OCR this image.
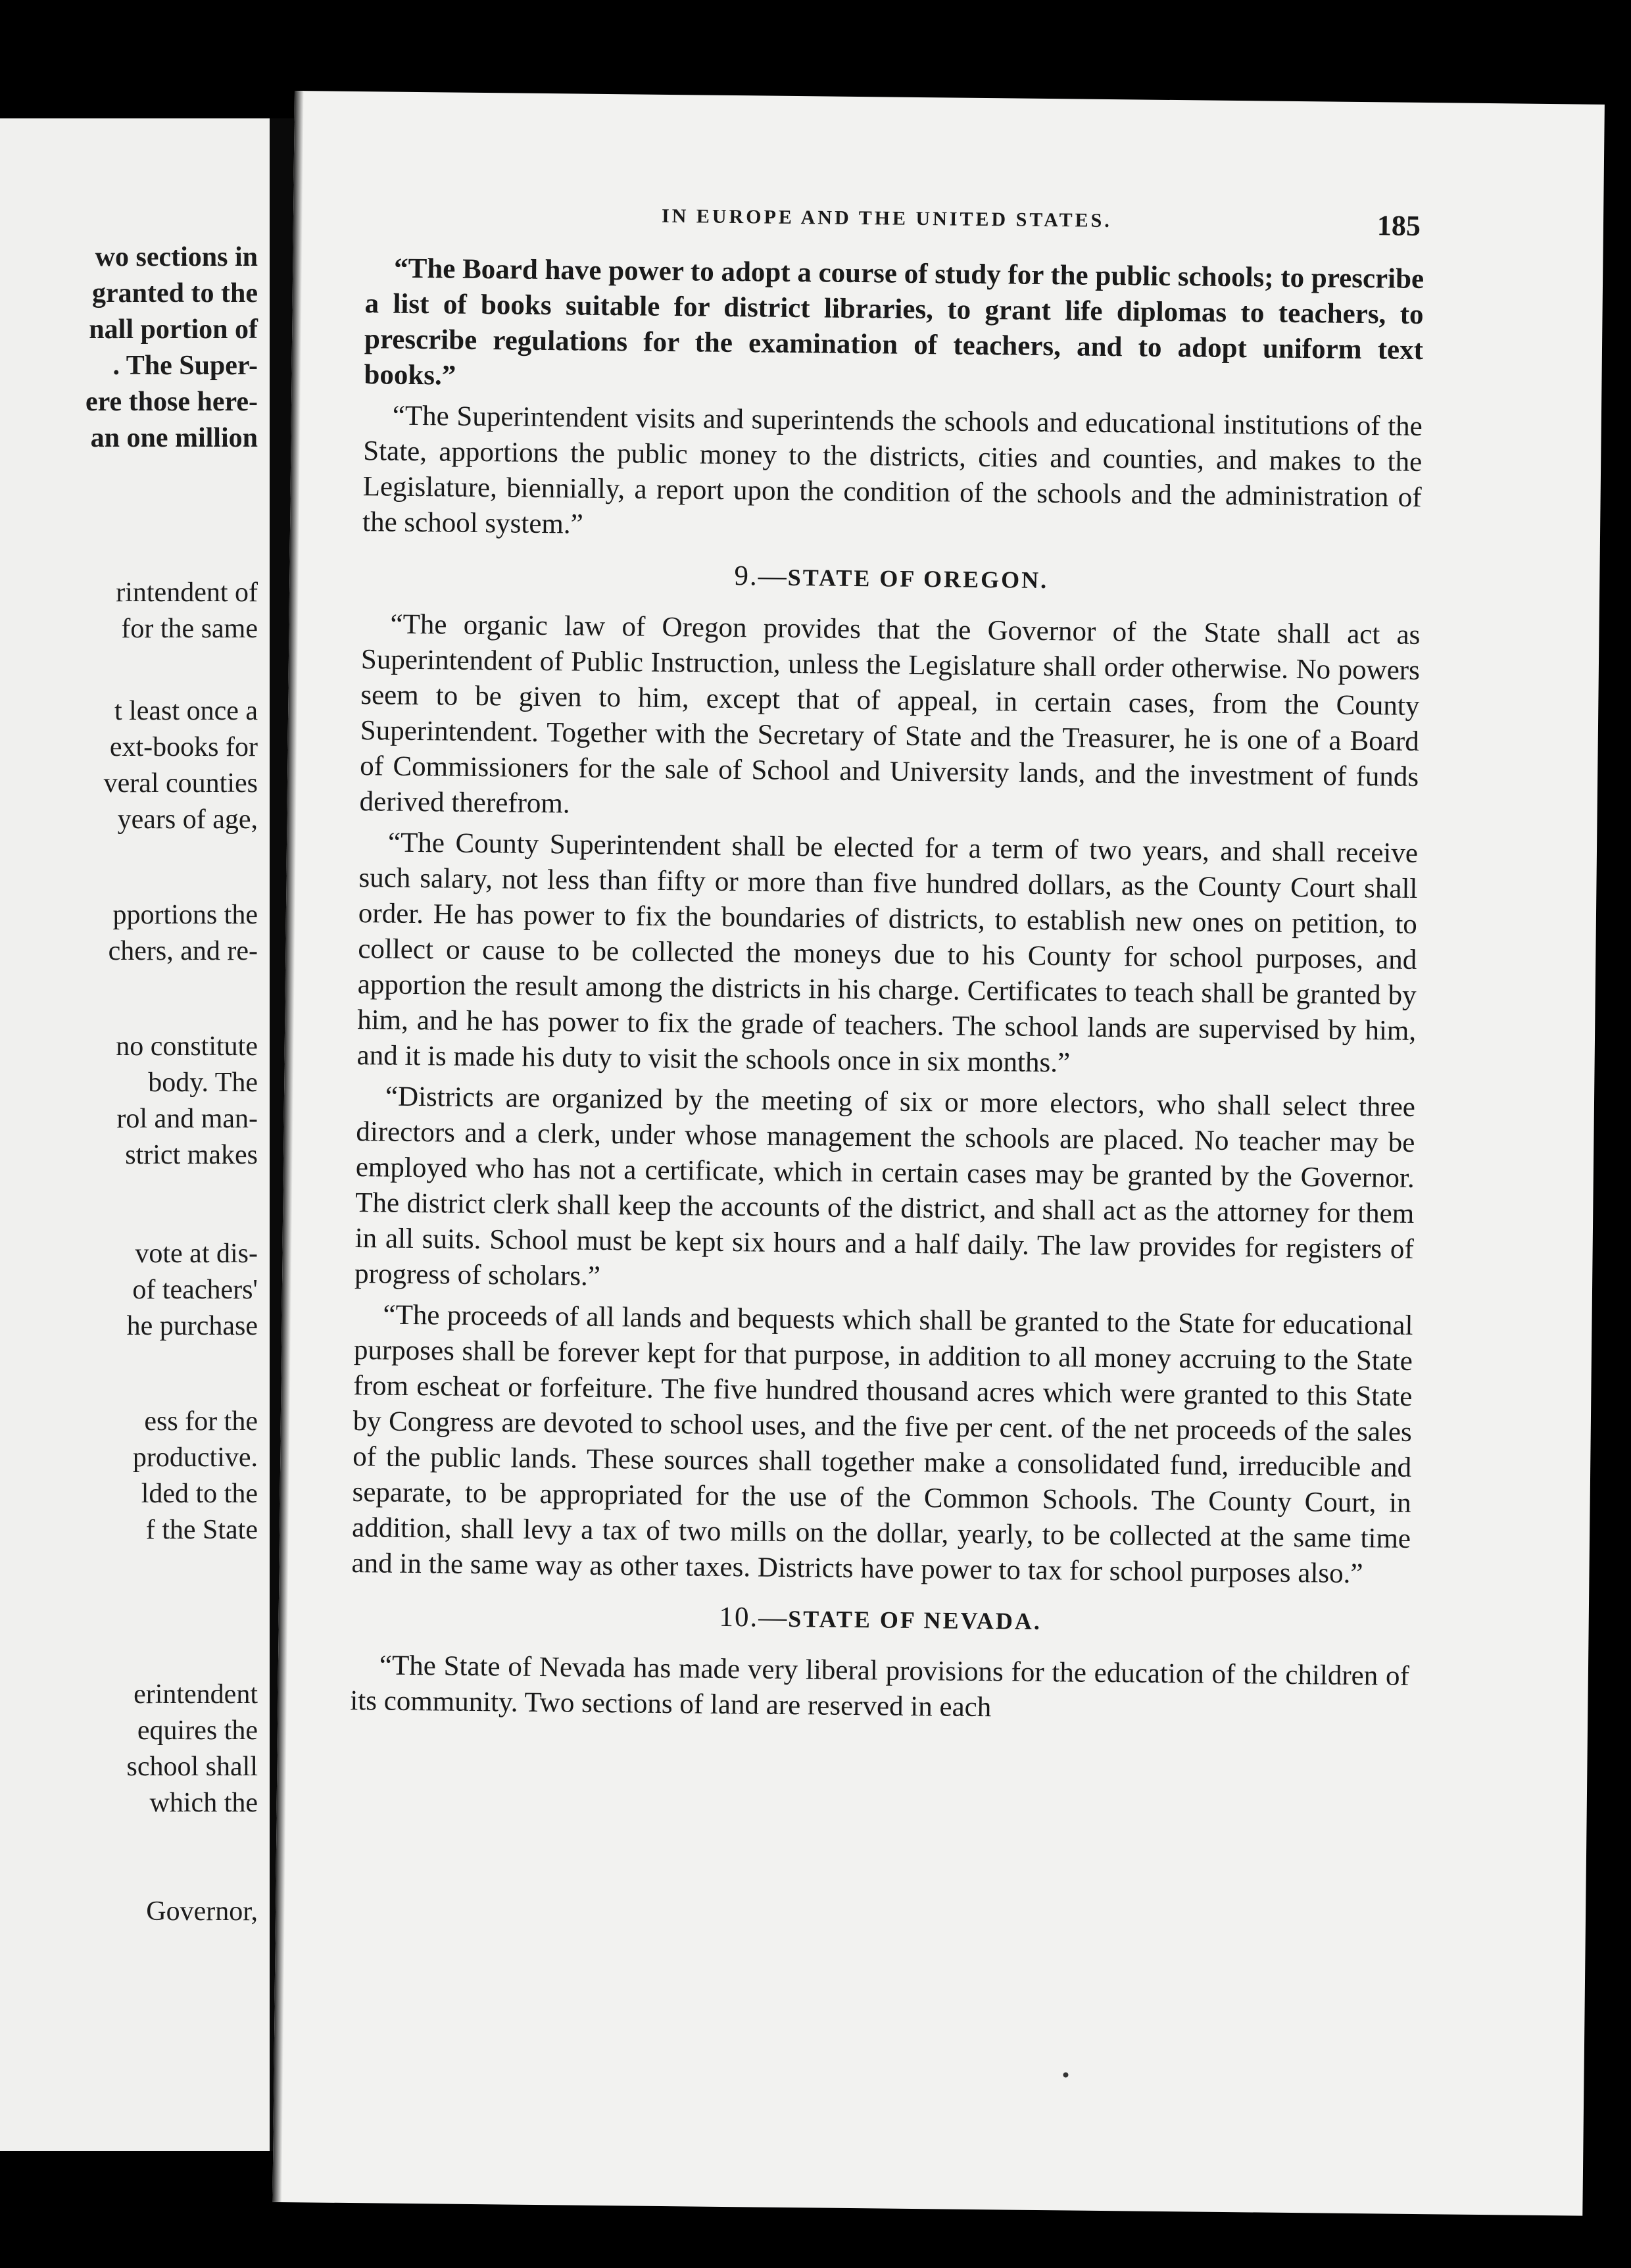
wo sections in
granted to the
nall portion of
. The Super-
ere those here-
an one million
rintendent of
for the same
t least once a
ext-books for
veral counties
years of age,
pportions the
chers, and re-
no constitute
body. The
rol and man-
strict makes
vote at dis-
of teachers'
he purchase
ess for the
productive.
lded to the
f the State
erintendent
equires the
school shall
which the
Governor,
IN EUROPE AND THE UNITED STATES.	185

“The Board have power to adopt a course of study for the public schools; to prescribe a list of books suitable for district libraries, to grant life diplomas to teachers, to prescribe regulations for the examination of teachers, and to adopt uniform text books.”

“The Superintendent visits and superintends the schools and educational institutions of the State, apportions the public money to the districts, cities and counties, and makes to the Legislature, biennially, a report upon the condition of the schools and the administration of the school system.”

9.—STATE OF OREGON.

“The organic law of Oregon provides that the Governor of the State shall act as Superintendent of Public Instruction, unless the Legislature shall order otherwise. No powers seem to be given to him, except that of appeal, in certain cases, from the County Superintendent. Together with the Secretary of State and the Treasurer, he is one of a Board of Commissioners for the sale of School and University lands, and the investment of funds derived therefrom.

“The County Superintendent shall be elected for a term of two years, and shall receive such salary, not less than fifty or more than five hundred dollars, as the County Court shall order. He has power to fix the boundaries of districts, to establish new ones on petition, to collect or cause to be collected the moneys due to his County for school purposes, and apportion the result among the districts in his charge. Certificates to teach shall be granted by him, and he has power to fix the grade of teachers. The school lands are supervised by him, and it is made his duty to visit the schools once in six months.”

“Districts are organized by the meeting of six or more electors, who shall select three directors and a clerk, under whose management the schools are placed. No teacher may be employed who has not a certificate, which in certain cases may be granted by the Governor. The district clerk shall keep the accounts of the district, and shall act as the attorney for them in all suits. School must be kept six hours and a half daily. The law provides for registers of progress of scholars.”

“The proceeds of all lands and bequests which shall be granted to the State for educational purposes shall be forever kept for that purpose, in addition to all money accruing to the State from escheat or forfeiture. The five hundred thousand acres which were granted to this State by Congress are devoted to school uses, and the five per cent. of the net proceeds of the sales of the public lands. These sources shall together make a consolidated fund, irreducible and separate, to be appropriated for the use of the Common Schools. The County Court, in addition, shall levy a tax of two mills on the dollar, yearly, to be collected at the same time and in the same way as other taxes. Districts have power to tax for school purposes also.”

10.—STATE OF NEVADA.

“The State of Nevada has made very liberal provisions for the education of the children of its community. Two sections of land are reserved in each
